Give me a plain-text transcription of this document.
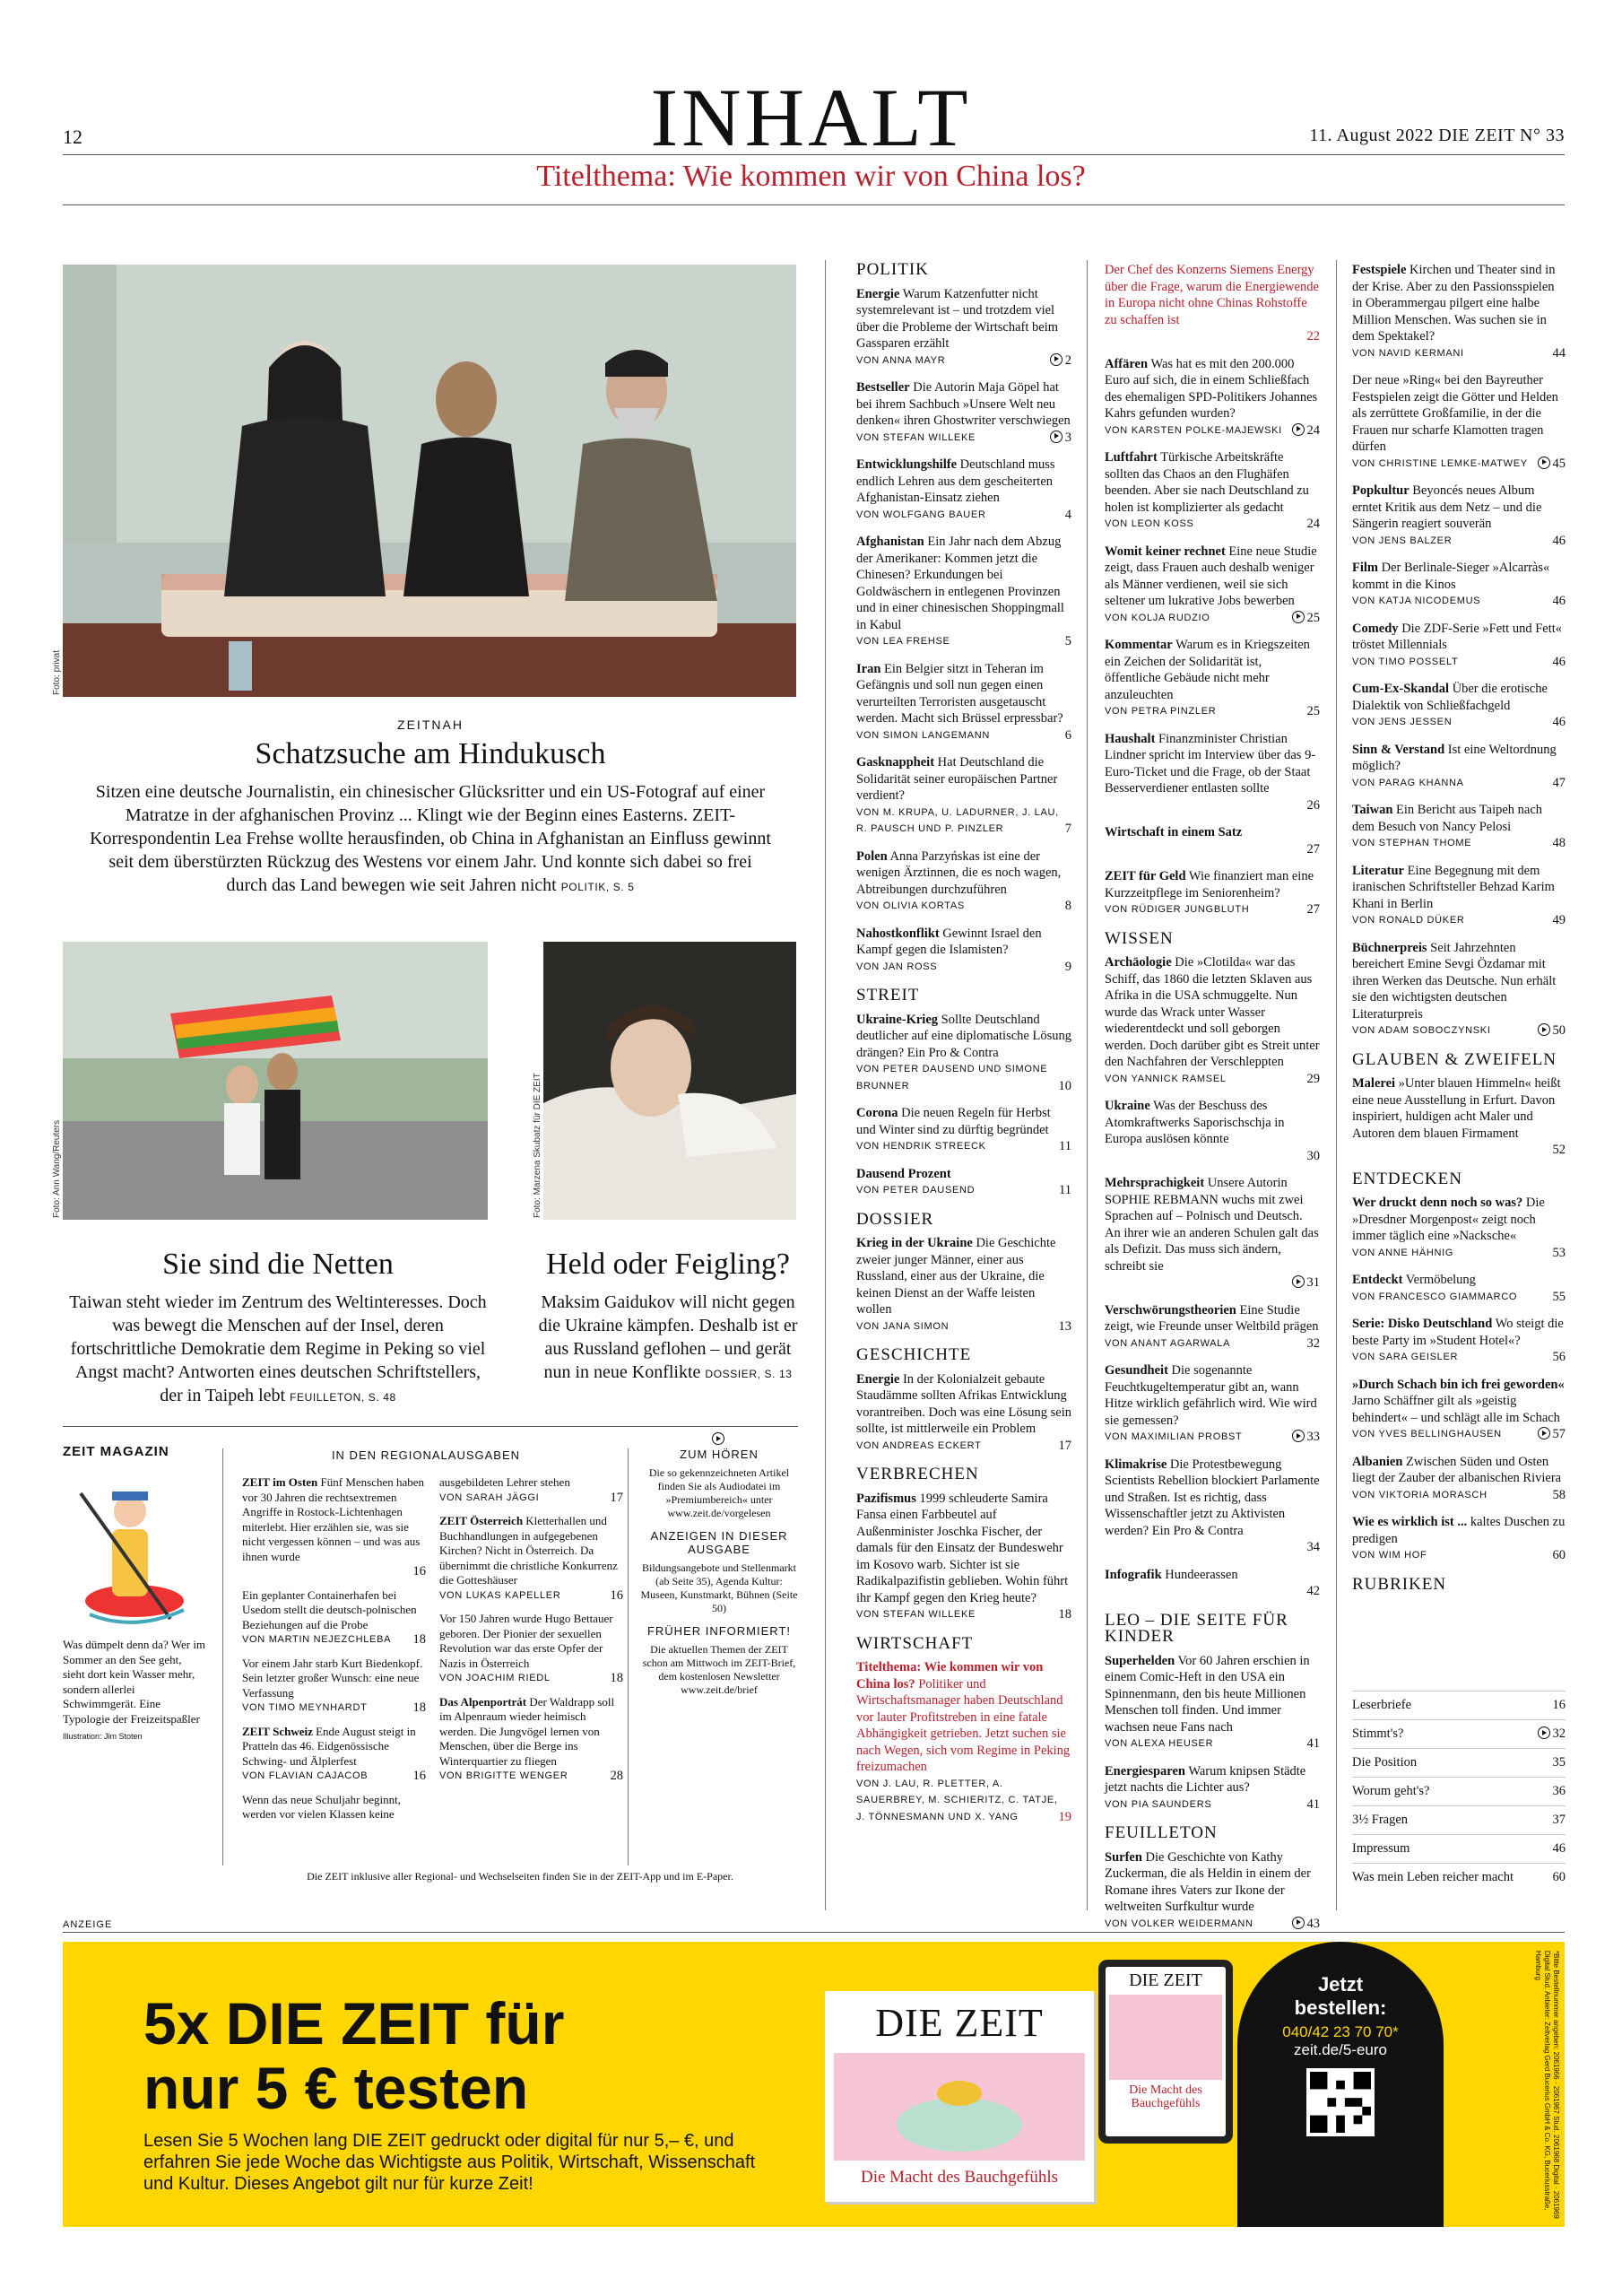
12	INHALT	11. August 2022 DIE ZEIT N° 33
Titelthema: Wie kommen wir von China los?
Foto: privat
ZEITNAH
Schatzsuche am Hindukusch
Sitzen eine deutsche Journalistin, ein chinesischer Glücksritter und ein US-Fotograf auf einer Matratze in der afghanischen Provinz ... Klingt wie der Beginn eines Easterns. ZEIT-Korrespondentin Lea Frehse wollte herausfinden, ob China in Afghanistan an Einfluss gewinnt seit dem überstürzten Rückzug des Westens vor einem Jahr. Und konnte sich dabei so frei durch das Land bewegen wie seit Jahren nicht POLITIK, S. 5
Foto: Ann Wang/Reuters	Foto: Marzena Skubatz für DIE ZEIT
Sie sind die Netten
Taiwan steht wieder im Zentrum des Weltinteresses. Doch was bewegt die Menschen auf der Insel, deren fortschrittliche Demokratie dem Regime in Peking so viel Angst macht? Antworten eines deutschen Schriftstellers, der in Taipeh lebt FEUILLETON, S. 48
Held oder Feigling?
Maksim Gaidukov will nicht gegen die Ukraine kämpfen. Deshalb ist er aus Russland geflohen – und gerät nun in neue Konflikte DOSSIER, S. 13
POLITIK
Energie Warum Katzenfutter nicht systemrelevant ist – und trotzdem viel über die Probleme der Wirtschaft beim Gassparen erzählt
VON ANNA MAYR	2
Bestseller Die Autorin Maja Göpel hat bei ihrem Sachbuch »Unsere Welt neu denken« ihren Ghostwriter verschwiegen
VON STEFAN WILLEKE	3
Entwicklungshilfe Deutschland muss endlich Lehren aus dem gescheiterten Afghanistan-Einsatz ziehen
VON WOLFGANG BAUER	4
Afghanistan Ein Jahr nach dem Abzug der Amerikaner: Kommen jetzt die Chinesen? Erkundungen bei Goldwäschern in entlegenen Provinzen und in einer chinesischen Shoppingmall in Kabul
VON LEA FREHSE	5
Iran Ein Belgier sitzt in Teheran im Gefängnis und soll nun gegen einen verurteilten Terroristen ausgetauscht werden. Macht sich Brüssel erpressbar?
VON SIMON LANGEMANN	6
Gasknappheit Hat Deutschland die Solidarität seiner europäischen Partner verdient?
VON M. KRUPA, U. LADURNER, J. LAU, R. PAUSCH UND P. PINZLER	7
Polen Anna Parzyńskas ist eine der wenigen Ärztinnen, die es noch wagen, Abtreibungen durchzuführen
VON OLIVIA KORTAS	8
Nahostkonflikt Gewinnt Israel den Kampf gegen die Islamisten?
VON JAN ROSS	9
STREIT
Ukraine-Krieg Sollte Deutschland deutlicher auf eine diplomatische Lösung drängen? Ein Pro & Contra
VON PETER DAUSEND UND SIMONE BRUNNER	10
Corona Die neuen Regeln für Herbst und Winter sind zu dürftig begründet
VON HENDRIK STREECK	11
Dausend Prozent
VON PETER DAUSEND	11
DOSSIER
Krieg in der Ukraine Die Geschichte zweier junger Männer, einer aus Russland, einer aus der Ukraine, die keinen Dienst an der Waffe leisten wollen
VON JANA SIMON	13
GESCHICHTE
Energie In der Kolonialzeit gebaute Staudämme sollten Afrikas Entwicklung vorantreiben. Doch was eine Lösung sein sollte, ist mittlerweile ein Problem
VON ANDREAS ECKERT	17
VERBRECHEN
Pazifismus 1999 schleuderte Samira Fansa einen Farbbeutel auf Außenminister Joschka Fischer, der damals für den Einsatz der Bundeswehr im Kosovo warb. Sichter ist sie Radikalpazifistin geblieben. Wohin führt ihr Kampf gegen den Krieg heute?
VON STEFAN WILLEKE	18
WIRTSCHAFT
Titelthema: Wie kommen wir von China los? Politiker und Wirtschaftsmanager haben Deutschland vor lauter Profitstreben in eine fatale Abhängigkeit getrieben. Jetzt suchen sie nach Wegen, sich vom Regime in Peking freizumachen
VON J. LAU, R. PLETTER, A. SAUERBREY, M. SCHIERITZ, C. TATJE, J. TÖNNESMANN UND X. YANG	19
Der Chef des Konzerns Siemens Energy über die Frage, warum die Energiewende in Europa nicht ohne Chinas Rohstoffe zu schaffen ist
22
Affären Was hat es mit den 200.000 Euro auf sich, die in einem Schließfach des ehemaligen SPD-Politikers Johannes Kahrs gefunden wurden?
VON KARSTEN POLKE-MAJEWSKI	24
Luftfahrt Türkische Arbeitskräfte sollten das Chaos an den Flughäfen beenden. Aber sie nach Deutschland zu holen ist komplizierter als gedacht
VON LEON KOSS	24
Womit keiner rechnet Eine neue Studie zeigt, dass Frauen auch deshalb weniger als Männer verdienen, weil sie sich seltener um lukrative Jobs bewerben
VON KOLJA RUDZIO	25
Kommentar Warum es in Kriegszeiten ein Zeichen der Solidarität ist, öffentliche Gebäude nicht mehr anzuleuchten
VON PETRA PINZLER	25
Haushalt Finanzminister Christian Lindner spricht im Interview über das 9-Euro-Ticket und die Frage, ob der Staat Besserverdiener entlasten sollte
26
Wirtschaft in einem Satz
27
ZEIT für Geld Wie finanziert man eine Kurzzeitpflege im Seniorenheim?
VON RÜDIGER JUNGBLUTH	27
WISSEN
Archäologie Die »Clotilda« war das Schiff, das 1860 die letzten Sklaven aus Afrika in die USA schmuggelte. Nun wurde das Wrack unter Wasser wiederentdeckt und soll geborgen werden. Doch darüber gibt es Streit unter den Nachfahren der Verschleppten
VON YANNICK RAMSEL	29
Ukraine Was der Beschuss des Atomkraftwerks Saporischschja in Europa auslösen könnte
30
Mehrsprachigkeit Unsere Autorin SOPHIE REBMANN wuchs mit zwei Sprachen auf – Polnisch und Deutsch. An ihrer wie an anderen Schulen galt das als Defizit. Das muss sich ändern, schreibt sie
31
Verschwörungstheorien Eine Studie zeigt, wie Freunde unser Weltbild prägen
VON ANANT AGARWALA	32
Gesundheit Die sogenannte Feuchtkugeltemperatur gibt an, wann Hitze wirklich gefährlich wird. Wie wird sie gemessen?
VON MAXIMILIAN PROBST	33
Klimakrise Die Protestbewegung Scientists Rebellion blockiert Parlamente und Straßen. Ist es richtig, dass Wissenschaftler jetzt zu Aktivisten werden? Ein Pro & Contra
34
Infografik Hundeerassen
42
LEO – DIE SEITE FÜR KINDER
Superhelden Vor 60 Jahren erschien in einem Comic-Heft in den USA ein Spinnenmann, den bis heute Millionen Menschen toll finden. Und immer wachsen neue Fans nach
VON ALEXA HEUSER	41
Energiesparen Warum knipsen Städte jetzt nachts die Lichter aus?
VON PIA SAUNDERS	41
FEUILLETON
Surfen Die Geschichte von Kathy Zuckerman, die als Heldin in einem der Romane ihres Vaters zur Ikone der weltweiten Surfkultur wurde
VON VOLKER WEIDERMANN	43
Festspiele Kirchen und Theater sind in der Krise. Aber zu den Passionsspielen in Oberammergau pilgert eine halbe Million Menschen. Was suchen sie in dem Spektakel?
VON NAVID KERMANI	44
Der neue »Ring« bei den Bayreuther Festspielen zeigt die Götter und Helden als zerrüttete Großfamilie, in der die Frauen nur scharfe Klamotten tragen dürfen
VON CHRISTINE LEMKE-MATWEY	45
Popkultur Beyoncés neues Album erntet Kritik aus dem Netz – und die Sängerin reagiert souverän
VON JENS BALZER	46
Film Der Berlinale-Sieger »Alcarràs« kommt in die Kinos
VON KATJA NICODEMUS	46
Comedy Die ZDF-Serie »Fett und Fett« tröstet Millennials
VON TIMO POSSELT	46
Cum-Ex-Skandal Über die erotische Dialektik von Schließfachgeld
VON JENS JESSEN	46
Sinn & Verstand Ist eine Weltordnung möglich?
VON PARAG KHANNA	47
Taiwan Ein Bericht aus Taipeh nach dem Besuch von Nancy Pelosi
VON STEPHAN THOME	48
Literatur Eine Begegnung mit dem iranischen Schriftsteller Behzad Karim Khani in Berlin
VON RONALD DÜKER	49
Büchnerpreis Seit Jahrzehnten bereichert Emine Sevgi Özdamar mit ihren Werken das Deutsche. Nun erhält sie den wichtigsten deutschen Literaturpreis
VON ADAM SOBOCZYNSKI	50
GLAUBEN & ZWEIFELN
Malerei »Unter blauen Himmeln« heißt eine neue Ausstellung in Erfurt. Davon inspiriert, huldigen acht Maler und Autoren dem blauen Firmament
52
ENTDECKEN
Wer druckt denn noch so was? Die »Dresdner Morgenpost« zeigt noch immer täglich eine »Nacksche«
VON ANNE HÄHNIG	53
Entdeckt Vermöbelung
VON FRANCESCO GIAMMARCO	55
Serie: Disko Deutschland Wo steigt die beste Party im »Student Hotel«?
VON SARA GEISLER	56
»Durch Schach bin ich frei geworden« Jarno Schäffner gilt als »geistig behindert« – und schlägt alle im Schach
VON YVES BELLINGHAUSEN	57
Albanien Zwischen Süden und Osten liegt der Zauber der albanischen Riviera
VON VIKTORIA MORASCH	58
Wie es wirklich ist ... kaltes Duschen zu predigen
VON WIM HOF	60
RUBRIKEN
Leserbriefe	16
Stimmt's?	32
Die Position	35
Worum geht's?	36
3½ Fragen	37
Impressum	46
Was mein Leben reicher macht	60
ZEIT MAGAZIN
Was dümpelt denn da? Wer im Sommer an den See geht, sieht dort kein Wasser mehr, sondern allerlei Schwimmgerät. Eine Typologie der Freizeitspaßler
Illustration: Jim Stoten
IN DEN REGIONALAUSGABEN
ZEIT im Osten Fünf Menschen haben vor 30 Jahren die rechtsextremen Angriffe in Rostock-Lichtenhagen miterlebt. Hier erzählen sie, was sie nicht vergessen können – und was aus ihnen wurde
16
Ein geplanter Containerhafen bei Usedom stellt die deutsch-polnischen Beziehungen auf die Probe
VON MARTIN NEJEZCHLEBA 18
Vor einem Jahr starb Kurt Biedenkopf. Sein letzter großer Wunsch: eine neue Verfassung
VON TIMO MEYNHARDT	18
ZEIT Schweiz Ende August steigt in Pratteln das 46. Eidgenössische Schwing- und Älplerfest
VON FLAVIAN CAJACOB	16
Wenn das neue Schuljahr beginnt, werden vor vielen Klassen keine
ausgebildeten Lehrer stehen
VON SARAH JÄGGI	17
ZEIT Österreich Kletterhallen und Buchhandlungen in aufgegebenen Kirchen? Nicht in Österreich. Da übernimmt die christliche Konkurrenz die Gotteshäuser
VON LUKAS KAPELLER	16
Vor 150 Jahren wurde Hugo Bettauer geboren. Der Pionier der sexuellen Revolution war das erste Opfer der Nazis in Österreich
VON JOACHIM RIEDL	18
Das Alpenportrát Der Waldrapp soll im Alpenraum wieder heimisch werden. Die Jungvögel lernen von Menschen, über die Berge ins Winterquartier zu fliegen
VON BRIGITTE WENGER	28
Die ZEIT inklusive aller Regional- und Wechselseiten finden Sie in der ZEIT-App und im E-Paper.
ZUM HÖREN
Die so gekennzeichneten Artikel finden Sie als Audiodatei im »Premiumbereich« unter www.zeit.de/vorgelesen
ANZEIGEN IN DIESER AUSGABE
Bildungsangebote und Stellenmarkt (ab Seite 35), Agenda Kultur: Museen, Kunstmarkt, Bühnen (Seite 50)
FRÜHER INFORMIERT!
Die aktuellen Themen der ZEIT schon am Mittwoch im ZEIT-Brief, dem kostenlosen Newsletter www.zeit.de/brief
ANZEIGE
5x DIE ZEIT für
nur 5 € testen
Lesen Sie 5 Wochen lang DIE ZEIT gedruckt oder digital für nur 5,– €, und erfahren Sie jede Woche das Wichtigste aus Politik, Wirtschaft, Wissenschaft und Kultur. Dieses Angebot gilt nur für kurze Zeit!
DIE ZEIT
Die Macht des Bauchgefühls
DIE ZEIT
Die Macht des Bauchgefühls
Jetzt
bestellen:
040/42 23 70 70*
zeit.de/5-euro	*Bitte Bestellnummer angeben: 2061966 · 2061967 Stud. 2061968 Digital · 2061969 Digital Stud. Anbieter: Zeitverlag Gerd Bucerius GmbH & Co. KG, Buceriusstraße, Hamburg
